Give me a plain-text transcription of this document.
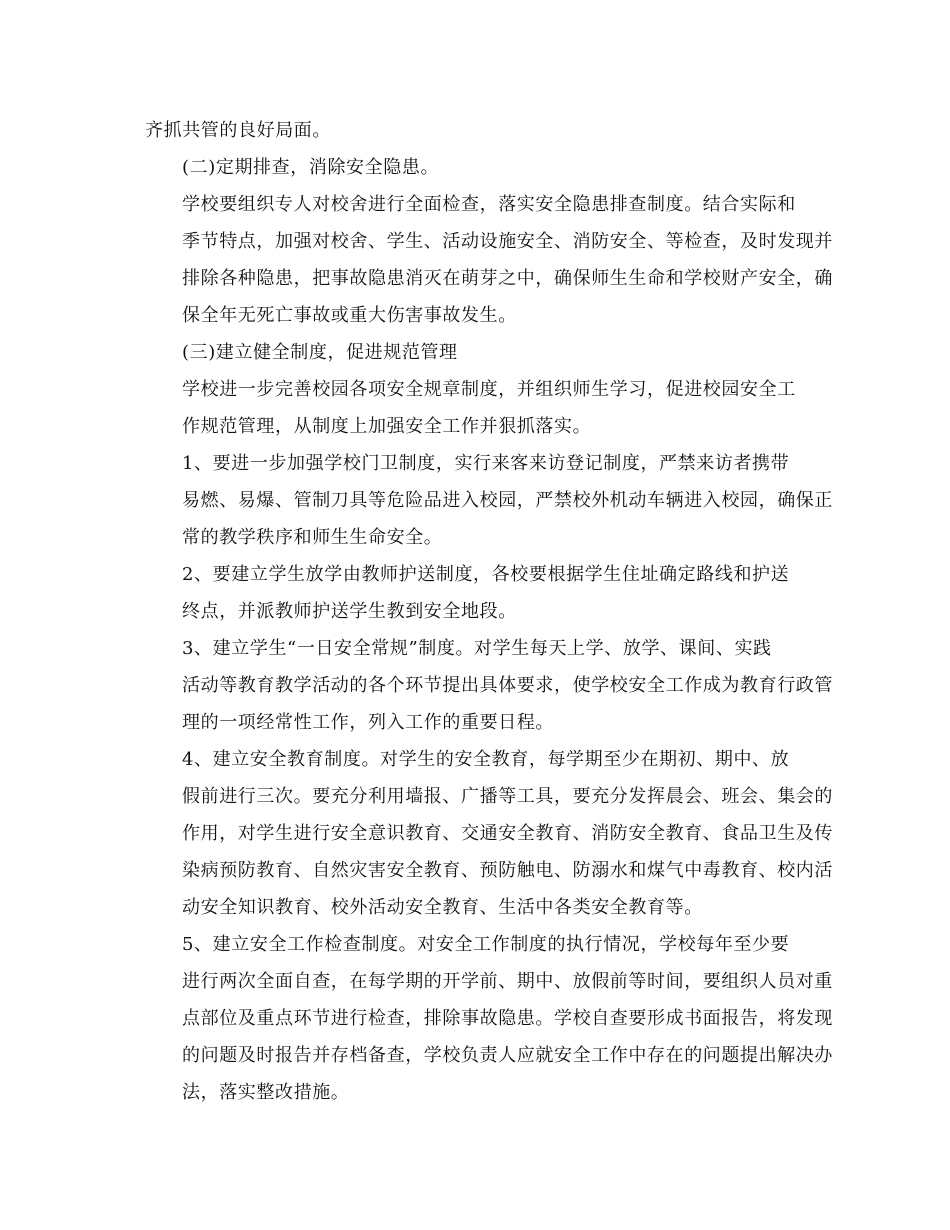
齐抓共管的良好局面。

(二)定期排查，消除安全隐患。

学校要组织专人对校舍进行全面检查，落实安全隐患排查制度。结合实际和
季节特点，加强对校舍、学生、活动设施安全、消防安全、等检查，及时发现并
排除各种隐患，把事故隐患消灭在萌芽之中，确保师生生命和学校财产安全，确
保全年无死亡事故或重大伤害事故发生。

(三)建立健全制度，促进规范管理

学校进一步完善校园各项安全规章制度，并组织师生学习，促进校园安全工
作规范管理，从制度上加强安全工作并狠抓落实。

1、要进一步加强学校门卫制度，实行来客来访登记制度，严禁来访者携带
易燃、易爆、管制刀具等危险品进入校园，严禁校外机动车辆进入校园，确保正
常的教学秩序和师生生命安全。

2、要建立学生放学由教师护送制度，各校要根据学生住址确定路线和护送
终点，并派教师护送学生教到安全地段。

3、建立学生“一日安全常规”制度。对学生每天上学、放学、课间、实践
活动等教育教学活动的各个环节提出具体要求，使学校安全工作成为教育行政管
理的一项经常性工作，列入工作的重要日程。

4、建立安全教育制度。对学生的安全教育，每学期至少在期初、期中、放
假前进行三次。要充分利用墙报、广播等工具，要充分发挥晨会、班会、集会的
作用，对学生进行安全意识教育、交通安全教育、消防安全教育、食品卫生及传
染病预防教育、自然灾害安全教育、预防触电、防溺水和煤气中毒教育、校内活
动安全知识教育、校外活动安全教育、生活中各类安全教育等。

5、建立安全工作检查制度。对安全工作制度的执行情况，学校每年至少要
进行两次全面自查，在每学期的开学前、期中、放假前等时间，要组织人员对重
点部位及重点环节进行检查，排除事故隐患。学校自查要形成书面报告，将发现
的问题及时报告并存档备查，学校负责人应就安全工作中存在的问题提出解决办
法，落实整改措施。
